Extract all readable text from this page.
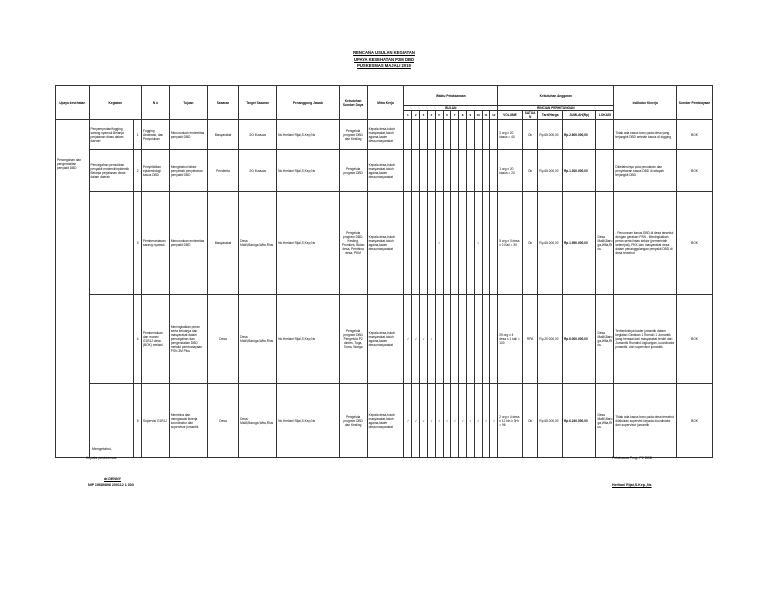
RENCANA USULAN KEGIATAN
UPAYA KESEHATAN P2M DBD
PUSKESMAS MAJALI 2019
Upaya kesehatan	Kegiatan		N o	Tujuan	Sasaran	Target Sasaran	Penanggung Jawab	Kebutuhan Sumber Daya	Mitra Kerja	Waktu Pelaksanaan												Kebutuhan Anggaran					Indikator Kinerja	Sumber Pembiayaan
										BULAN												RINCIAN PERHITUNGAN						
										1	2	3	4	5	6	7	8	9	10	11	12	VOLUME	SATUAN	Tarif/Harga	JUMLAH(Rp)	LOKASI		
Pencegahan dan pengendalian penyakit DBD	Penyemprotan/fogging sarang nyamuk Belanja perjalanan dinas dalam daerah	1	Fogging Abdesasi, dan Penyuluhan	Menurunkan endemitas penyakit DBD	Masyarakat	20 Kasus	Ns.Herliani Rijal,S.Kep,Ns	Pengelola program DBD dan Kesling	Kepala desa,tokoh masyarakat,tokoh agama,kader desa,masyarakat													2 org x 20 kasus = 40	Ok	Rp.65.000,00	Rp.2.600.000,00		Tidak ada kasus baru pada desa yang terjangkit DBD setelah kasus di fogging	BOK
	Pencegahan pemukiran penyakit endemik/epidemik Belanja perjalanan dinas dalam daerah	2	Penyelidikan epidemiologi kasus DBD	Mengetahui faktor penyebab penyebaran penyakit DBD	Penderita	20 Kasus	Ns.Herliani Rijal,S.Kep,Ns	Pengelola program DBD	Kepala desa,tokoh masyarakat,tokoh agama,kader desa,masyarakat													1 org x 20 kasus = 20	Ok	Rp.65.000,00	Rp.1.300.000,00		Diketahuinya pola penularan dan penyebaran kasus DBD di wilayah terjangkit DBD	BOK
		3	Pemberantasan sarang nyamuk	Menurunkan endemitas penyakit DBD	Masyarakat	Desa Malili,Baruga,Wita,Rius	Ns.Herliani Rijal,S.Kep,Ns	Pengelola program DBD, Kesling, Promkes, Bidan desa, Pembina desa, PKM	Kepala desa,tokoh masyarakat,tokoh agama,kader desa,masyarakat					√					√			5 org x 3 desa x 2 Kali = 30	Ok	Rp.65.000,00	Rp.1.950.000,00	Desa Malili,Baruga,Wita,Rius	- Penurunan kasus DBD di desa tersebut dengan gerakan PSN - Meningkatkan peran serta lintas sektor (pemerintah setempat), PKK dan masyarakat desa dalam penanggulangan penyakit DBD di desa tersebut	BOK
		4	Pembentukan dan monev G1R1J desa (BOK) melalui	Meningkatkan peran serta keluarga dan masyarakat dalam pencegahan dan pengendalian DBD melalui pembudayaan PSN 3M Plus	Desa	Desa Malili,Baruga,Wita,Rius	Ns.Herliani Rijal,S.Kep,Ns	Pengelola program DBD Pengelola P2 dirdes, Toga, Toma, Warga	Kepala desa,tokoh masyarakat,tokoh agama,kader desa,masyarakat	√	√	√	√									25 org x 4 desa x 1 kali = 100	RPA	Rp.20.000,00	Rp.6.000.000,00	Desa Malili,Baruga,Wita,Rius	Terbentuknya kader jumantik dalam kegiatan Gerakan 1 Rumah 1 Jumantik yang berasal dari masyarakat terdiri dari Jumantik Rumah/Lingkungan, koordinator jumantik, dan supervisor jumantik	BOK
		5	Supervisi G1R1J	Membina dan mengawasi kinerja koordinator dan supervisor jumantik	Desa	Desa Malili,Baruga,Wita,Rius	Ns.Herliani Rijal,S.Kep,Ns	Pengelola program DBD dan Kesling	Kepala desa,tokoh masyarakat,tokoh agama,kader desa,masyarakat	√	√	√	√	√	√	√	√	√	√	√	√	2 org x 4 desa x 12 bln x 3Hr = 96	Ok	Rp.65.000,00	Rp.6.240.000,00	Desa Malili,Baruga,Wita,Rius	Tidak ada kasus baru pada desa tersebut dilakukan supervisi kepada koordinator dan supervisor jumantik	BOK
Mengetahui,
Kepala puskesmas
dr.DENNY
NIP 19680808 200112 1 003
Pelaksana Prog. P2 DBD
Herliani Rijal,S.Kep.,Ns
